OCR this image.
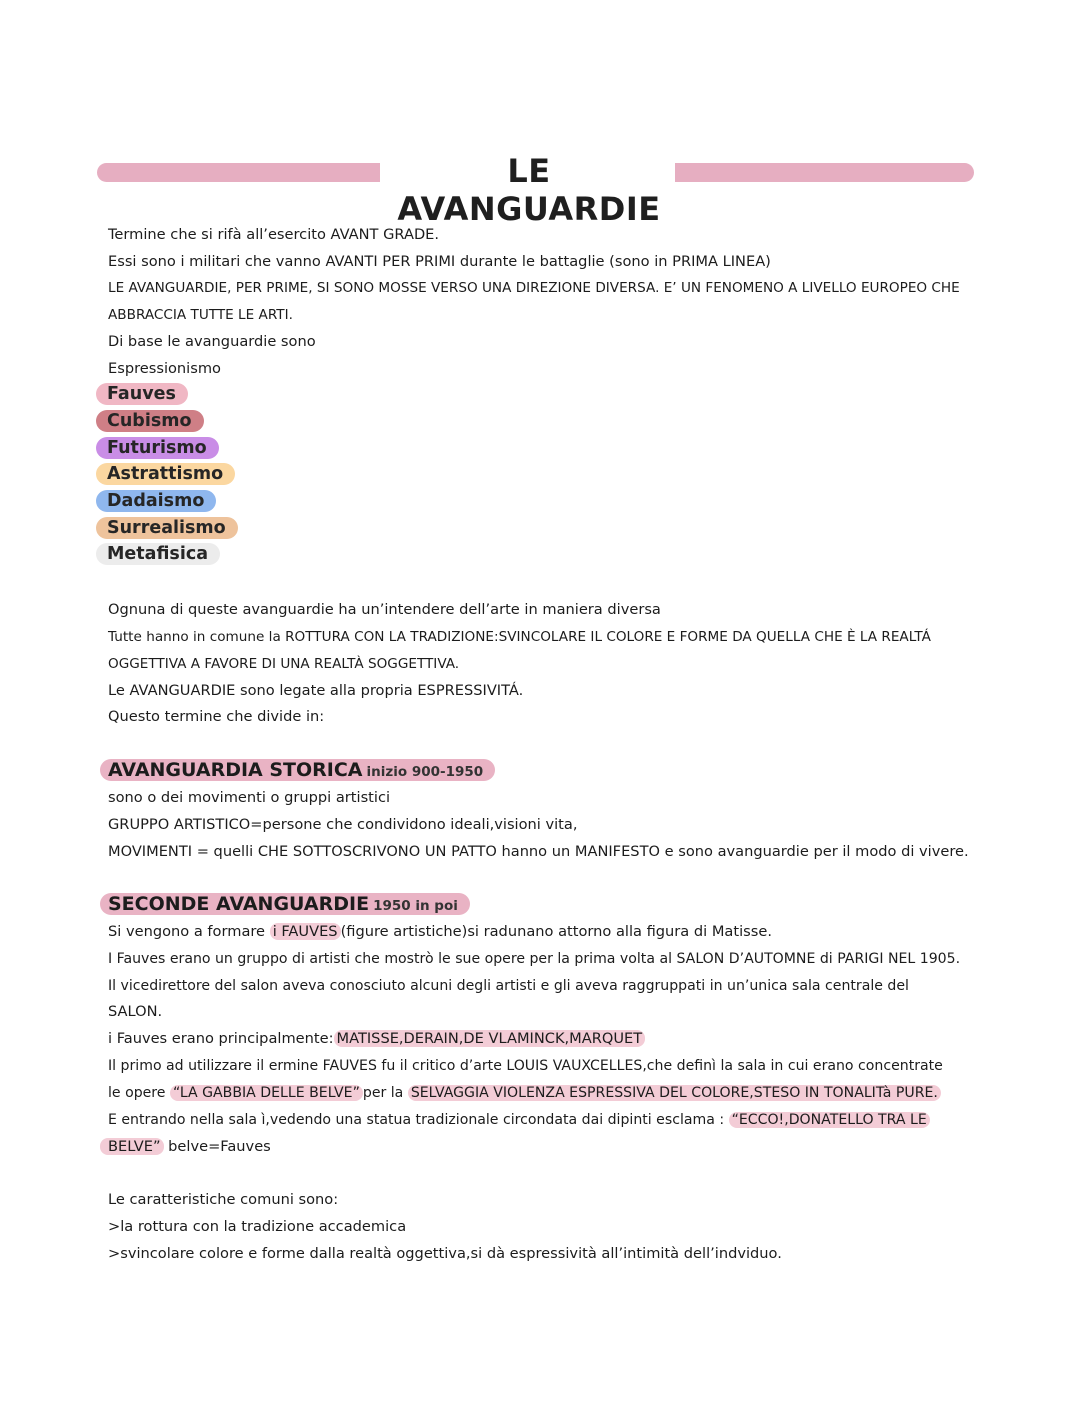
LE AVANGUARDIE
Termine che si rifà all’esercito AVANT GRADE.
Essi sono i militari che vanno AVANTI PER PRIMI durante le battaglie (sono in PRIMA LINEA)
LE AVANGUARDIE, PER PRIME, SI SONO MOSSE VERSO UNA DIREZIONE DIVERSA. E’ UN FENOMENO A LIVELLO EUROPEO CHE
ABBRACCIA TUTTE LE ARTI.
Di base le avanguardie sono
Espressionismo
Fauves
Cubismo
Futurismo
Astrattismo
Dadaismo
Surrealismo
Metafisica
Ognuna di queste avanguardie ha un’intendere dell’arte in maniera diversa
Tutte hanno in comune la ROTTURA CON LA TRADIZIONE:SVINCOLARE IL COLORE E FORME DA QUELLA CHE È LA REALTÁ
OGGETTIVA A FAVORE DI UNA REALTÀ SOGGETTIVA.
Le AVANGUARDIE sono legate alla propria ESPRESSIVITÁ.
Questo termine che divide in:
AVANGUARDIA STORICA inizio 900-1950
sono o dei movimenti o gruppi artistici
GRUPPO ARTISTICO=persone che condividono ideali,visioni vita,
MOVIMENTI = quelli CHE SOTTOSCRIVONO UN PATTO hanno un MANIFESTO e sono avanguardie per il modo di vivere.
SECONDE AVANGUARDIE 1950 in poi
Si vengono a formare i FAUVES (figure artistiche)si radunano attorno alla figura di Matisse.
I Fauves erano un gruppo di artisti che mostrò le sue opere per la prima volta al SALON D’AUTOMNE di PARIGI NEL 1905.
Il vicedirettore del salon aveva conosciuto alcuni degli artisti e gli aveva raggruppati in un’unica sala centrale del
SALON.
i Fauves erano principalmente: MATISSE,DERAIN,DE VLAMINCK,MARQUET
Il primo ad utilizzare il ermine FAUVES fu il critico d’arte LOUIS VAUXCELLES,che definì la sala in cui erano concentrate
le opere “LA GABBIA DELLE BELVE” per la SELVAGGIA VIOLENZA ESPRESSIVA DEL COLORE,STESO IN TONALITà PURE.
E entrando nella sala ì,vedendo una statua tradizionale circondata dai dipinti esclama : “ECCO!,DONATELLO TRA LE
BELVE” belve=Fauves
Le caratteristiche comuni sono:
>la rottura con la tradizione accademica
>svincolare colore e forme dalla realtà oggettiva,si dà espressività all’intimità dell’indviduo.
